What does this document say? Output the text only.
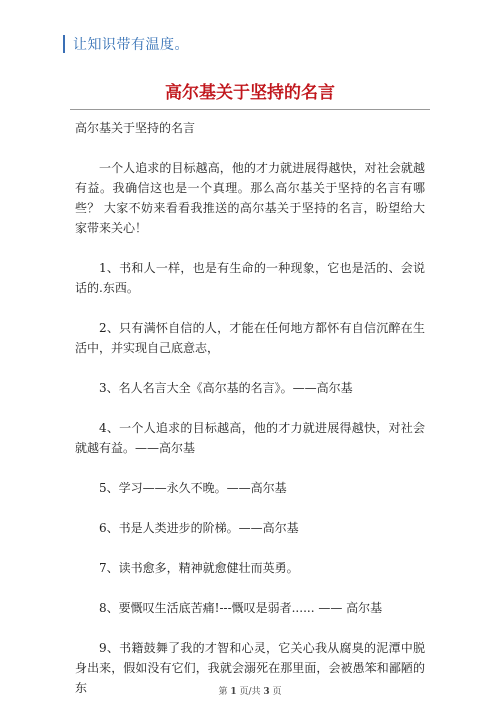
让知识带有温度。
高尔基关于坚持的名言

高尔基关于坚持的名言

一个人追求的目标越高，他的才力就进展得越快，对社会就越有益。我确信这也是一个真理。那么高尔基关于坚持的名言有哪些？ 大家不妨来看看我推送的高尔基关于坚持的名言，盼望给大家带来关心！

1、书和人一样，也是有生命的一种现象，它也是活的、会说话的.东西。

2、只有满怀自信的人，才能在任何地方都怀有自信沉醉在生活中，并实现自己底意志，

3、名人名言大全《高尔基的名言》。——高尔基

4、一个人追求的目标越高，他的才力就进展得越快，对社会就越有益。——高尔基

5、学习——永久不晚。——高尔基

6、书是人类进步的阶梯。——高尔基

7、读书愈多，精神就愈健壮而英勇。

8、要慨叹生活底苦痛!---慨叹是弱者...... —— 高尔基

9、书籍鼓舞了我的才智和心灵，它关心我从腐臭的泥潭中脱身出来，假如没有它们，我就会溺死在那里面，会被愚笨和鄙陋的东	第 1 页/共 3 页
